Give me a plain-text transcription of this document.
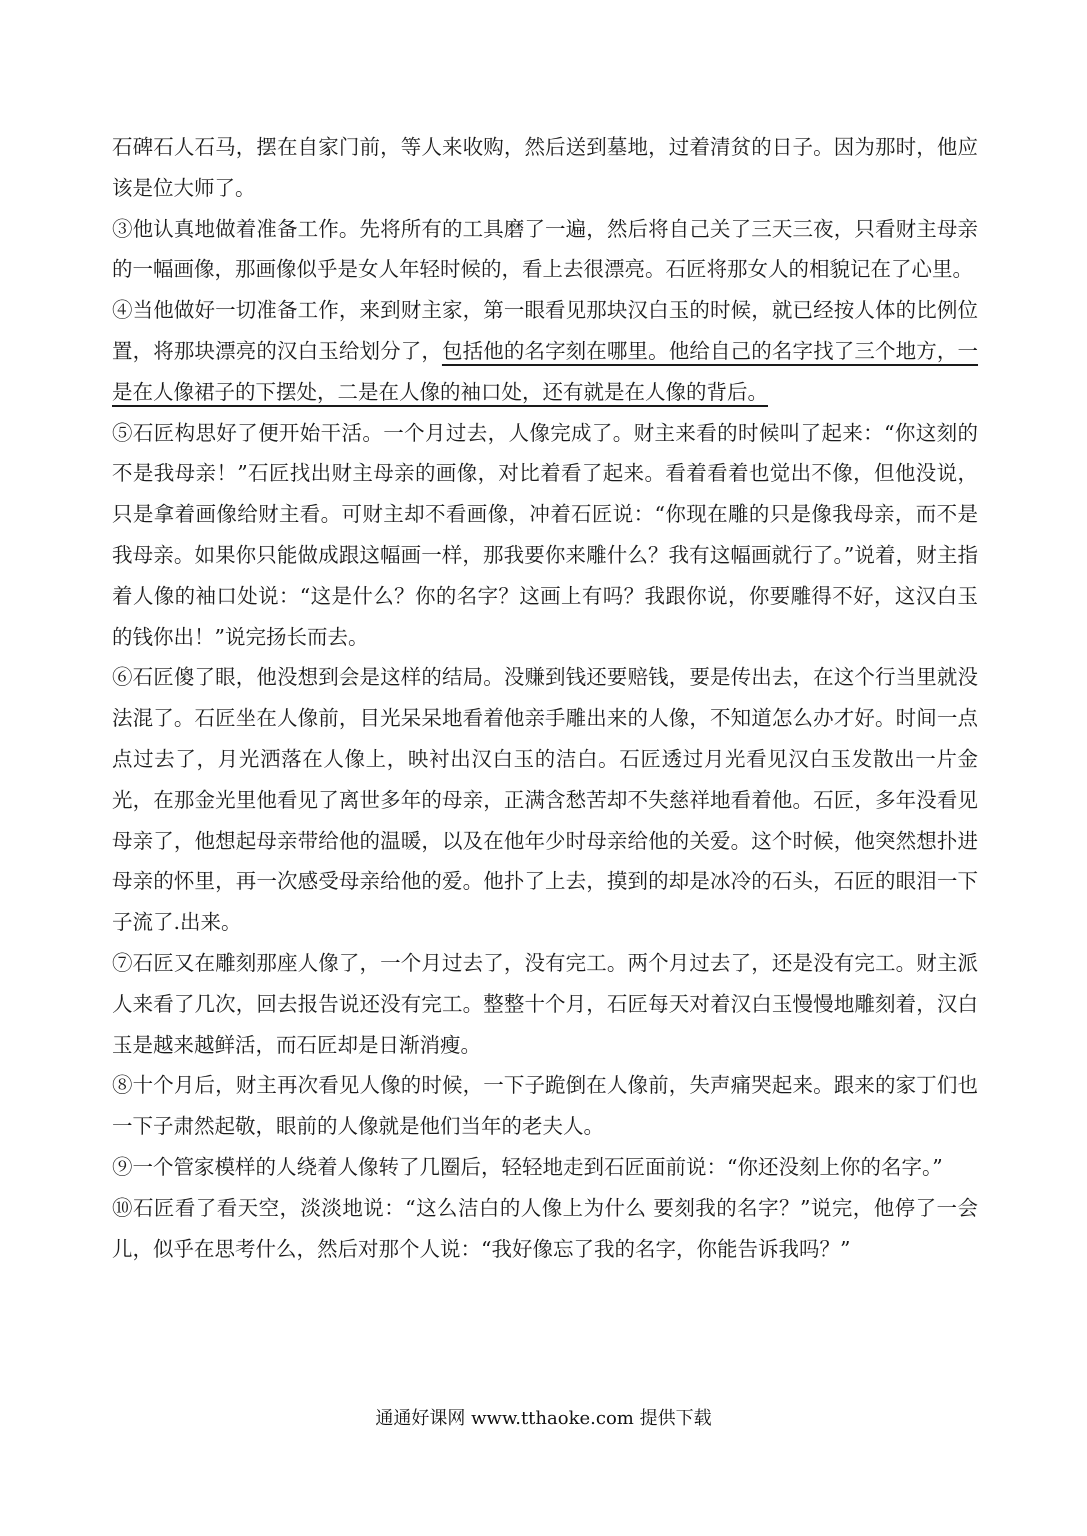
石碑石人石马，摆在自家门前，等人来收购，然后送到墓地，过着清贫的日子。因为那时，他应该是位大师了。

③他认真地做着准备工作。先将所有的工具磨了一遍，然后将自己关了三天三夜，只看财主母亲的一幅画像，那画像似乎是女人年轻时候的，看上去很漂亮。石匠将那女人的相貌记在了心里。

④当他做好一切准备工作，来到财主家，第一眼看见那块汉白玉的时候，就已经按人体的比例位置，将那块漂亮的汉白玉给划分了，包括他的名字刻在哪里。他给自己的名字找了三个地方，一是在人像裙子的下摆处，二是在人像的袖口处，还有就是在人像的背后。

⑤石匠构思好了便开始干活。一个月过去，人像完成了。财主来看的时候叫了起来：“你这刻的不是我母亲！”石匠找出财主母亲的画像，对比着看了起来。看着看着也觉出不像，但他没说，只是拿着画像给财主看。可财主却不看画像，冲着石匠说：“你现在雕的只是像我母亲，而不是我母亲。如果你只能做成跟这幅画一样，那我要你来雕什么？我有这幅画就行了。”说着，财主指着人像的袖口处说：“这是什么？你的名字？这画上有吗？我跟你说，你要雕得不好，这汉白玉的钱你出！”说完扬长而去。

⑥石匠傻了眼，他没想到会是这样的结局。没赚到钱还要赔钱，要是传出去，在这个行当里就没法混了。石匠坐在人像前，目光呆呆地看着他亲手雕出来的人像，不知道怎么办才好。时间一点点过去了，月光洒落在人像上，映衬出汉白玉的洁白。石匠透过月光看见汉白玉发散出一片金光，在那金光里他看见了离世多年的母亲，正满含愁苦却不失慈祥地看着他。石匠，多年没看见母亲了，他想起母亲带给他的温暖，以及在他年少时母亲给他的关爱。这个时候，他突然想扑进母亲的怀里，再一次感受母亲给他的爱。他扑了上去，摸到的却是冰冷的石头，石匠的眼泪一下子流了.出来。

⑦石匠又在雕刻那座人像了，一个月过去了，没有完工。两个月过去了，还是没有完工。财主派人来看了几次，回去报告说还没有完工。整整十个月，石匠每天对着汉白玉慢慢地雕刻着，汉白玉是越来越鲜活，而石匠却是日渐消瘦。

⑧十个月后，财主再次看见人像的时候，一下子跪倒在人像前，失声痛哭起来。跟来的家丁们也一下子肃然起敬，眼前的人像就是他们当年的老夫人。

⑨一个管家模样的人绕着人像转了几圈后，轻轻地走到石匠面前说：“你还没刻上你的名字。”

⑩石匠看了看天空，淡淡地说：“这么洁白的人像上为什么 要刻我的名字？”说完，他停了一会儿，似乎在思考什么，然后对那个人说：“我好像忘了我的名字，你能告诉我吗？”

通通好课网 www.tthaoke.com 提供下载
